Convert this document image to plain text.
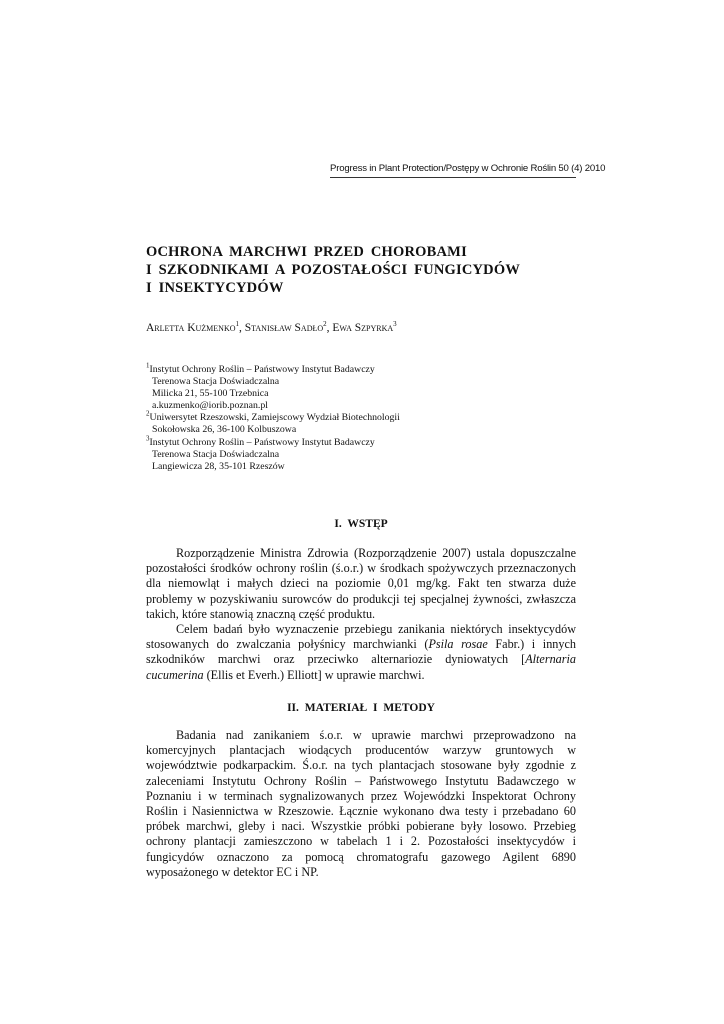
Progress in Plant Protection/Postępy w Ochronie Roślin 50 (4) 2010
OCHRONA MARCHWI PRZED CHOROBAMI
I SZKODNIKAMI A POZOSTAŁOŚCI FUNGICYDÓW
I INSEKTYCYDÓW
Arletta Kużmenko$^1$, Stanisław Sadło$^2$, Ewa Szpyrka$^3$
$^1$Instytut Ochrony Roślin – Państwowy Instytut Badawczy
Terenowa Stacja Doświadczalna
Milicka 21, 55-100 Trzebnica
a.kuzmenko@iorib.poznan.pl
$^2$Uniwersytet Rzeszowski, Zamiejscowy Wydział Biotechnologii
Sokołowska 26, 36-100 Kolbuszowa
$^3$Instytut Ochrony Roślin – Państwowy Instytut Badawczy
Terenowa Stacja Doświadczalna
Langiewicza 28, 35-101 Rzeszów
I. WSTĘP

Rozporządzenie Ministra Zdrowia (Rozporządzenie 2007) ustala dopuszczalne pozostałości środków ochrony roślin (ś.o.r.) w środkach spożywczych przeznaczonych dla niemowląt i małych dzieci na poziomie 0,01 mg/kg. Fakt ten stwarza duże problemy w pozyskiwaniu surowców do produkcji tej specjalnej żywności, zwłaszcza takich, które stanowią znaczną część produktu.

Celem badań było wyznaczenie przebiegu zanikania niektórych insektycydów stosowanych do zwalczania połyśnicy marchwianki (Psila rosae Fabr.) i innych szkodników marchwi oraz przeciwko alternariozie dyniowatych [Alternaria cucumerina (Ellis et Everh.) Elliott] w uprawie marchwi.

II. MATERIAŁ I METODY

Badania nad zanikaniem ś.o.r. w uprawie marchwi przeprowadzono na komercyjnych plantacjach wiodących producentów warzyw gruntowych w województwie podkarpackim. Ś.o.r. na tych plantacjach stosowane były zgodnie z zaleceniami Instytutu Ochrony Roślin – Państwowego Instytutu Badawczego w Poznaniu i w terminach sygnalizowanych przez Wojewódzki Inspektorat Ochrony Roślin i Nasiennictwa w Rzeszowie. Łącznie wykonano dwa testy i przebadano 60 próbek marchwi, gleby i naci. Wszystkie próbki pobierane były losowo. Przebieg ochrony plantacji zamieszczono w tabelach 1 i 2. Pozostałości insektycydów i fungicydów oznaczono za pomocą chromatografu gazowego Agilent 6890 wyposażonego w detektor EC i NP.
